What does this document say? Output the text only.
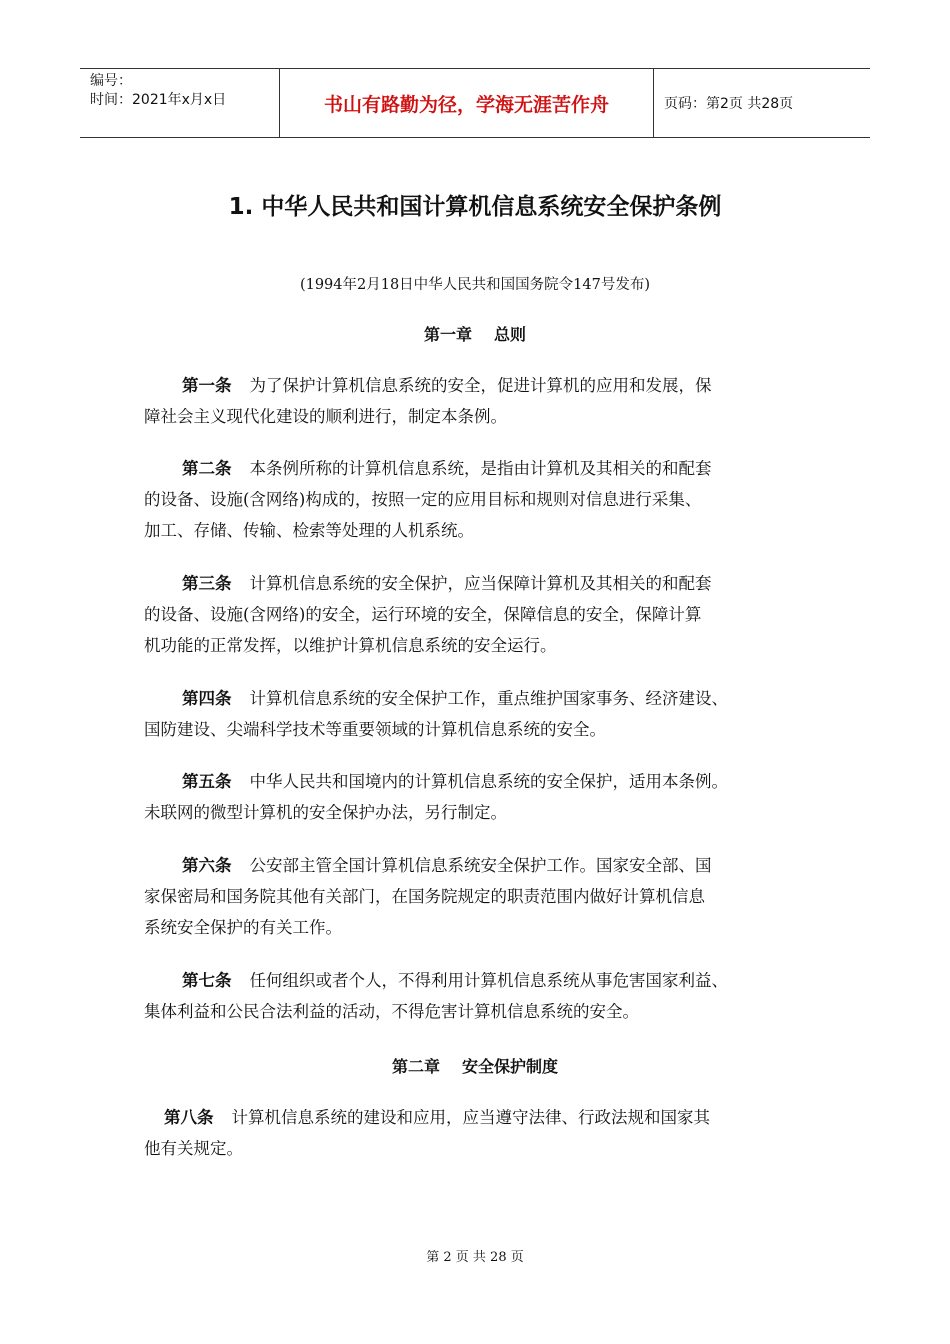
编号：
时间：2021年x月x日	书山有路勤为径，学海无涯苦作舟	页码：第2页 共28页
1. 中华人民共和国计算机信息系统安全保护条例
(1994年2月18日中华人民共和国国务院令147号发布)
第一章 总则
第一条 为了保护计算机信息系统的安全，促进计算机的应用和发展，保
障社会主义现代化建设的顺利进行，制定本条例。
第二条 本条例所称的计算机信息系统，是指由计算机及其相关的和配套
的设备、设施(含网络)构成的，按照一定的应用目标和规则对信息进行采集、
加工、存储、传输、检索等处理的人机系统。
第三条 计算机信息系统的安全保护，应当保障计算机及其相关的和配套
的设备、设施(含网络)的安全，运行环境的安全，保障信息的安全，保障计算
机功能的正常发挥，以维护计算机信息系统的安全运行。
第四条 计算机信息系统的安全保护工作，重点维护国家事务、经济建设、
国防建设、尖端科学技术等重要领域的计算机信息系统的安全。
第五条 中华人民共和国境内的计算机信息系统的安全保护，适用本条例。
未联网的微型计算机的安全保护办法，另行制定。
第六条 公安部主管全国计算机信息系统安全保护工作。国家安全部、国
家保密局和国务院其他有关部门，在国务院规定的职责范围内做好计算机信息
系统安全保护的有关工作。
第七条 任何组织或者个人，不得利用计算机信息系统从事危害国家利益、
集体利益和公民合法利益的活动，不得危害计算机信息系统的安全。
第二章 安全保护制度
第八条 计算机信息系统的建设和应用，应当遵守法律、行政法规和国家其
他有关规定。
第 2 页 共 28 页
